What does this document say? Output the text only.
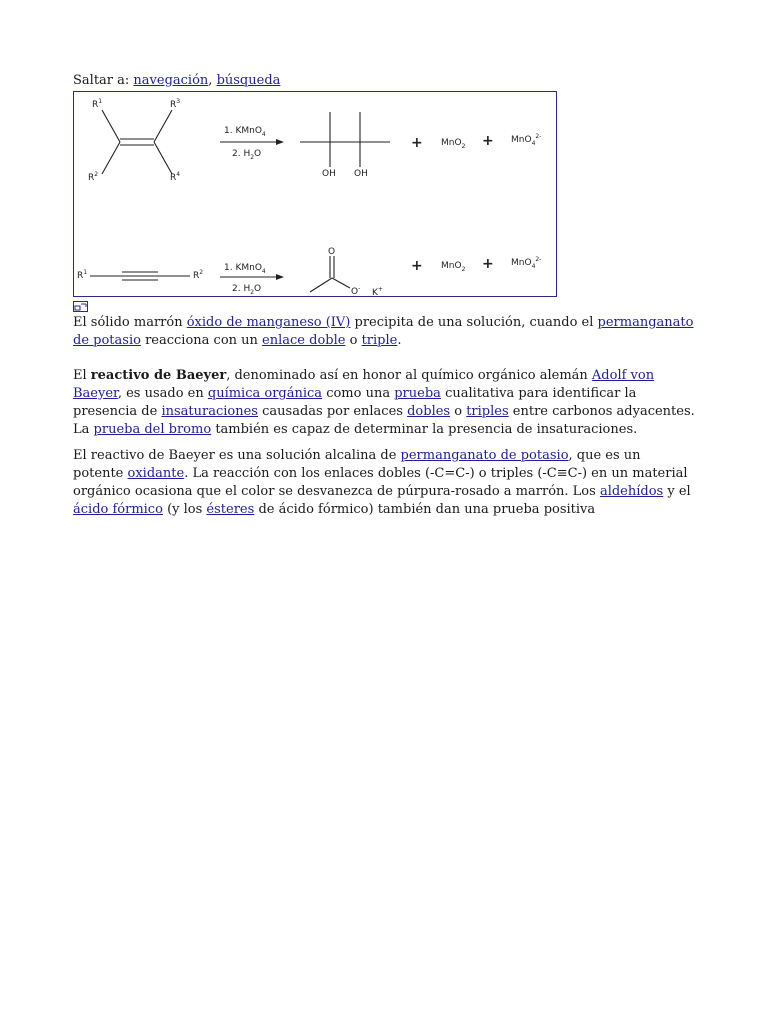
Saltar a: navegación, búsqueda
$R^1$
$R^2$
$R^3$
$R^4$
1. KMnO$_4$
2. $H_2O$
OH OH
+ MnO$_2$ + MnO$_4^{2-}$
$R^1$	$R^2$ 1. KMnO$_4$
2. $H_2O$
O
O- K+
+ MnO$_2$ + MnO$_4^{2-}$

El sólido marrón óxido de manganeso (IV) precipita de una solución, cuando el permanganato de potasio reacciona con un enlace doble o triple.

El reactivo de Baeyer, denominado así en honor al químico orgánico alemán Adolf von Baeyer, es usado en química orgánica como una prueba cualitativa para identificar la presencia de insaturaciones causadas por enlaces dobles o triples entre carbonos adyacentes. La prueba del bromo también es capaz de determinar la presencia de insaturaciones.

El reactivo de Baeyer es una solución alcalina de permanganato de potasio, que es un potente oxidante. La reacción con los enlaces dobles (-C=C-) o triples (-C≡C-) en un material orgánico ocasiona que el color se desvanezca de púrpura-rosado a marrón. Los aldehídos y el ácido fórmico (y los ésteres de ácido fórmico) también dan una prueba positiva
